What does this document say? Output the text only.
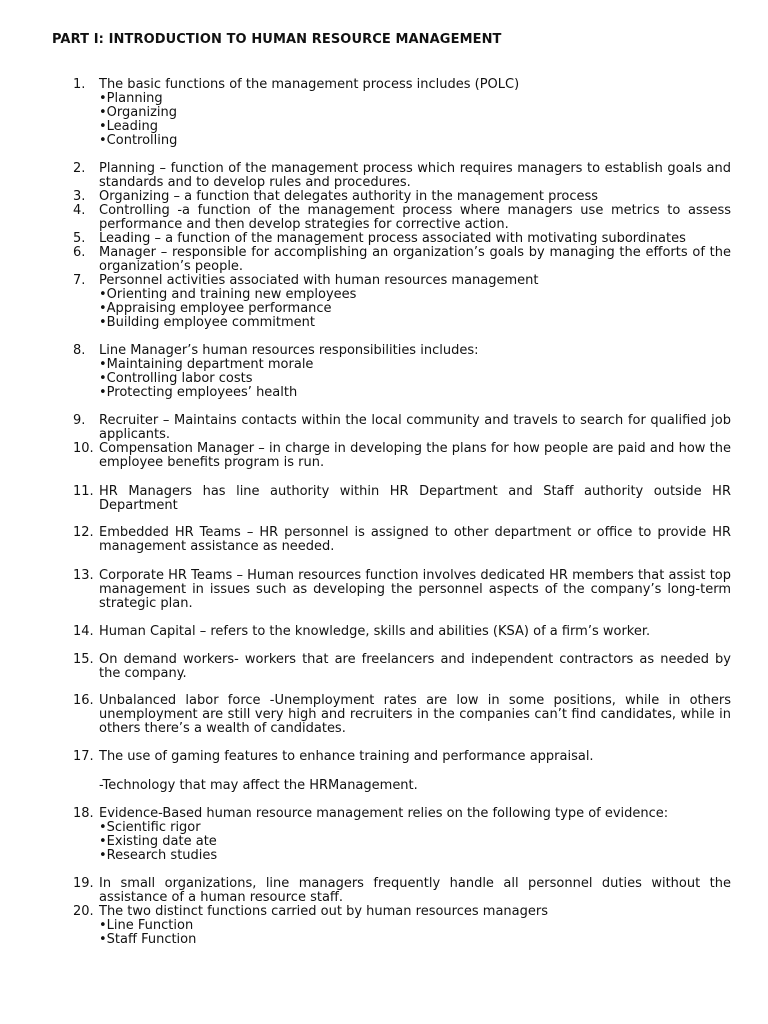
PART I: INTRODUCTION TO HUMAN RESOURCE MANAGEMENT
1.	The basic functions of the management process includes (POLC)
•Planning
•Organizing
•Leading
•Controlling
2.	Planning – function of the management process which requires managers to establish goals and standards and to develop rules and procedures.
3.	Organizing – a function that delegates authority in the management process
4.	Controlling -a function of the management process where managers use metrics to assess performance and then develop strategies for corrective action.
5.	Leading – a function of the management process associated with motivating subordinates
6.	Manager – responsible for accomplishing an organization’s goals by managing the efforts of the organization’s people.
7.	Personnel activities associated with human resources management
•Orienting and training new employees
•Appraising employee performance
•Building employee commitment
8.	Line Manager’s human resources responsibilities includes:
•Maintaining department morale
•Controlling labor costs
•Protecting employees’ health
9.	Recruiter – Maintains contacts within the local community and travels to search for qualified job applicants.
10. Compensation Manager – in charge in developing the plans for how people are paid and how the employee benefits program is run.
11. HR Managers has line authority within HR Department and Staff authority outside HR Department
12. Embedded HR Teams – HR personnel is assigned to other department or office to provide HR management assistance as needed.
13. Corporate HR Teams – Human resources function involves dedicated HR members that assist top management in issues such as developing the personnel aspects of the company’s long-term strategic plan.
14. Human Capital – refers to the knowledge, skills and abilities (KSA) of a firm’s worker.
15. On demand workers- workers that are freelancers and independent contractors as needed by the company.
16. Unbalanced labor force -Unemployment rates are low in some positions, while in others unemployment are still very high and recruiters in the companies can’t find candidates, while in others there’s a wealth of candidates.
17. The use of gaming features to enhance training and performance appraisal.
-Technology that may affect the HRManagement.
18. Evidence-Based human resource management relies on the following type of evidence:
•Scientific rigor
•Existing date ate
•Research studies
19. In small organizations, line managers frequently handle all personnel duties without the assistance of a human resource staff.
20. The two distinct functions carried out by human resources managers
•Line Function
•Staff Function
